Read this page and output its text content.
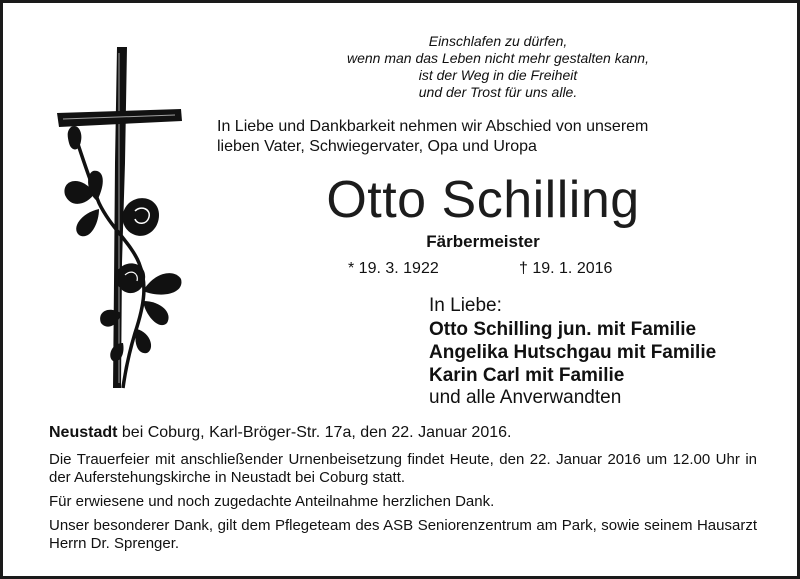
Einschlafen zu dürfen,
wenn man das Leben nicht mehr gestalten kann,
ist der Weg in die Freiheit
und der Trost für uns alle.
In Liebe und Dankbarkeit nehmen wir Abschied von unserem
lieben Vater, Schwiegervater, Opa und Uropa
Otto Schilling
Färbermeister
* 19. 3. 1922	† 19. 1. 2016
In Liebe:
Otto Schilling jun. mit Familie
Angelika Hutschgau mit Familie
Karin Carl mit Familie
und alle Anverwandten
Neustadt bei Coburg, Karl-Bröger-Str. 17a, den 22. Januar 2016.

Die Trauerfeier mit anschließender Urnenbeisetzung findet Heute, den 22. Januar 2016 um 12.00 Uhr in der Auferstehungskirche in Neustadt bei Coburg statt.

Für erwiesene und noch zugedachte Anteilnahme herzlichen Dank.

Unser besonderer Dank, gilt dem Pflegeteam des ASB Seniorenzentrum am Park, sowie seinem Hausarzt Herrn Dr. Sprenger.
